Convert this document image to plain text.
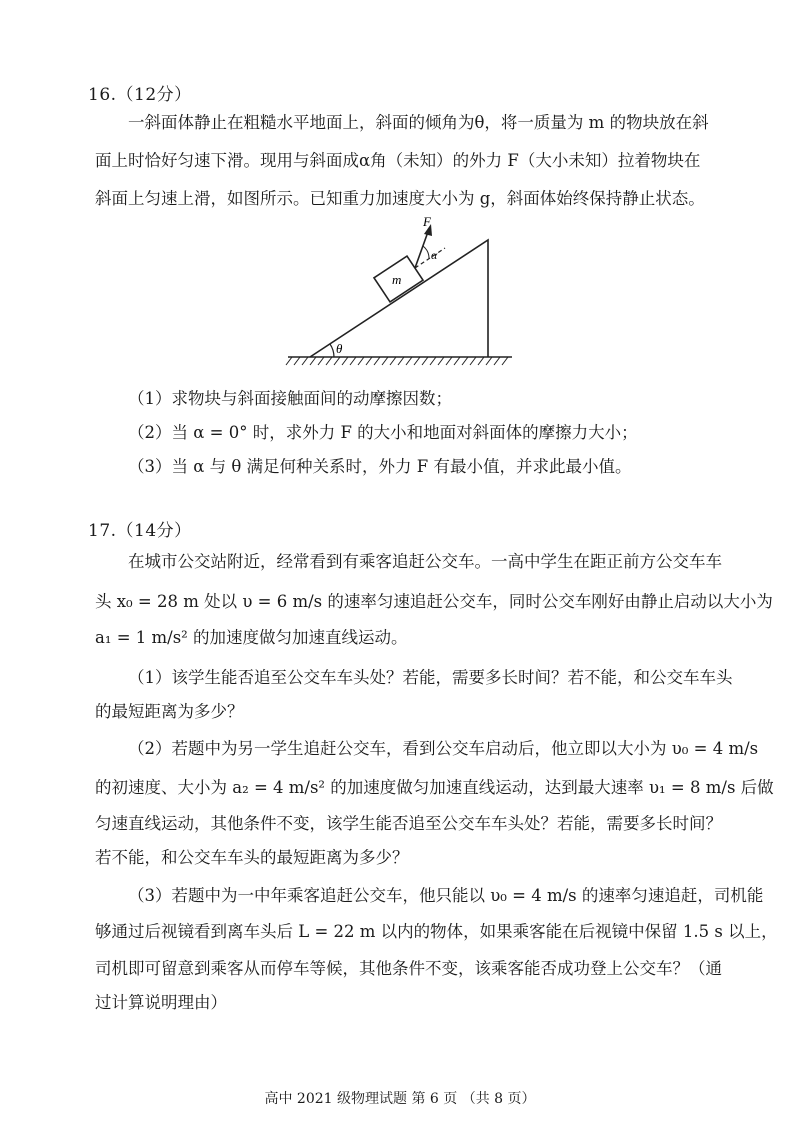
16.（12分）
一斜面体静止在粗糙水平地面上，斜面的倾角为θ，将一质量为 m 的物块放在斜面上时恰好匀速下滑。现用与斜面成α角（未知）的外力 F（大小未知）拉着物块在斜面上匀速上滑，如图所示。已知重力加速度大小为 g，斜面体始终保持静止状态。
θ
m
F
α
（1）求物块与斜面接触面间的动摩擦因数；
（2）当 α = 0° 时，求外力 F 的大小和地面对斜面体的摩擦力大小；
（3）当 α 与 θ 满足何种关系时，外力 F 有最小值，并求此最小值。
17.（14分）
在城市公交站附近，经常看到有乘客追赶公交车。一高中学生在距正前方公交车车
头 x₀ = 28 m 处以 υ = 6 m/s 的速率匀速追赶公交车，同时公交车刚好由静止启动以大小为
a₁ = 1 m/s² 的加速度做匀加速直线运动。
（1）该学生能否追至公交车车头处？若能，需要多长时间？若不能，和公交车车头
的最短距离为多少？
（2）若题中为另一学生追赶公交车，看到公交车启动后，他立即以大小为 υ₀ = 4 m/s
的初速度、大小为 a₂ = 4 m/s² 的加速度做匀加速直线运动，达到最大速率 υ₁ = 8 m/s 后做
匀速直线运动，其他条件不变，该学生能否追至公交车车头处？若能，需要多长时间？
若不能，和公交车车头的最短距离为多少？
（3）若题中为一中年乘客追赶公交车，他只能以 υ₀ = 4 m/s 的速率匀速追赶，司机能
够通过后视镜看到离车头后 L = 22 m 以内的物体，如果乘客能在后视镜中保留 1.5 s 以上，
司机即可留意到乘客从而停车等候，其他条件不变，该乘客能否成功登上公交车？（通
过计算说明理由）
高中 2021 级物理试题 第 6 页 （共 8 页）
